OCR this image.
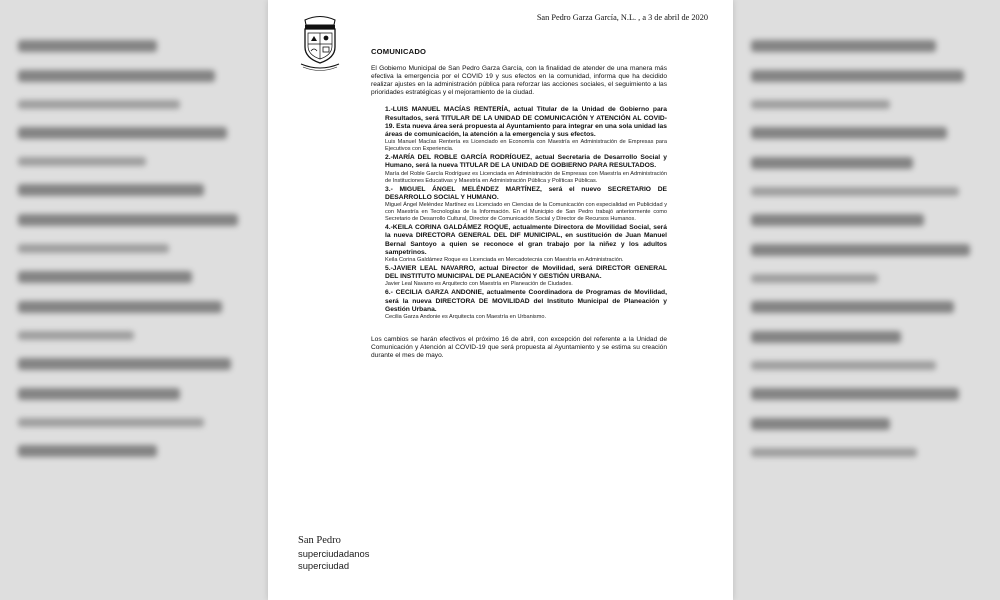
San Pedro Garza García, N.L. , a 3 de abril de 2020
COMUNICADO
El Gobierno Municipal de San Pedro Garza García, con la finalidad de atender de una manera más efectiva la emergencia por el COVID 19 y sus efectos en la comunidad, informa que ha decidido realizar ajustes en la administración pública para reforzar las acciones sociales, el seguimiento a las prioridades estratégicas y el mejoramiento de la ciudad.
1.-LUIS MANUEL MACÍAS RENTERÍA, actual Titular de la Unidad de Gobierno para Resultados, será TITULAR DE LA UNIDAD DE COMUNICACIÓN Y ATENCIÓN AL COVID-19. Esta nueva área será propuesta al Ayuntamiento para integrar en una sola unidad las áreas de comunicación, la atención a la emergencia y sus efectos.
Luis Manuel Macías Rentería es Licenciado en Economía con Maestría en Administración de Empresas para Ejecutivos con Experiencia.
2.-MARÍA DEL ROBLE GARCÍA RODRÍGUEZ, actual Secretaria de Desarrollo Social y Humano, será la nueva TITULAR DE LA UNIDAD DE GOBIERNO PARA RESULTADOS.
María del Roble García Rodríguez es Licenciada en Administración de Empresas con Maestría en Administración de Instituciones Educativas y Maestría en Administración Pública y Políticas Públicas.
3.- MIGUEL ÁNGEL MELÉNDEZ MARTÍNEZ, será el nuevo SECRETARIO DE DESARROLLO SOCIAL Y HUMANO.
Miguel Ángel Meléndez Martínez es Licenciado en Ciencias de la Comunicación con especialidad en Publicidad y con Maestría en Tecnologías de la Información. En el Municipio de San Pedro trabajó anteriormente como Secretario de Desarrollo Cultural, Director de Comunicación Social y Director de Recursos Humanos.
4.-KEILA CORINA GALDÁMEZ ROQUE, actualmente Directora de Movilidad Social, será la nueva DIRECTORA GENERAL DEL DIF MUNICIPAL, en sustitución de Juan Manuel Bernal Santoyo a quien se reconoce el gran trabajo por la niñez y los adultos sampetrinos.
Keila Corina Galdámez Roque es Licenciada en Mercadotecnia con Maestría en Administración.
5.-JAVIER LEAL NAVARRO, actual Director de Movilidad, será DIRECTOR GENERAL DEL INSTITUTO MUNICIPAL DE PLANEACIÓN Y GESTIÓN URBANA.
Javier Leal Navarro es Arquitecto con Maestría en Planeación de Ciudades.
6.- CECILIA GARZA ANDONIE, actualmente Coordinadora de Programas de Movilidad, será la nueva DIRECTORA DE MOVILIDAD del Instituto Municipal de Planeación y Gestión Urbana.
Cecilia Garza Andonie es Arquitecta con Maestría en Urbanismo.
Los cambios se harán efectivos el próximo 16 de abril, con excepción del referente a la Unidad de Comunicación y Atención al COVID-19 que será propuesta al Ayuntamiento y se estima su creación durante el mes de mayo.
San Pedro
superciudadanos
superciudad
